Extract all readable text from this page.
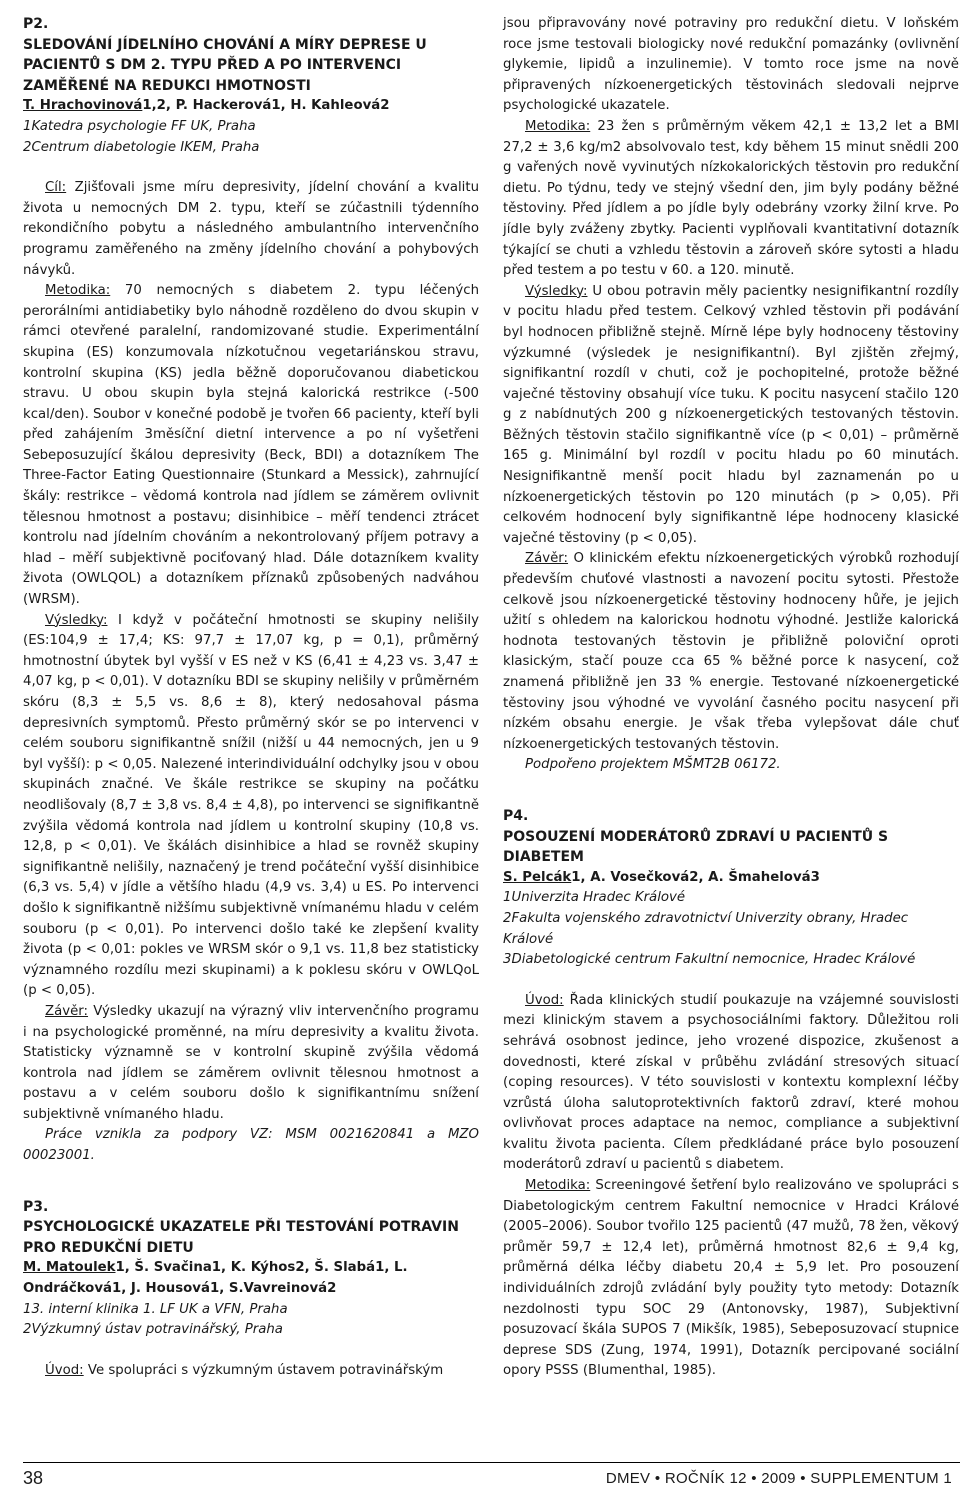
P2.
SLEDOVÁNÍ JÍDELNÍHO CHOVÁNÍ A MÍRY DEPRESE U PACIENTŮ S DM 2. TYPU PŘED A PO INTERVENCI ZAMĚŘENÉ NA REDUKCI HMOTNOSTI
T. Hrachovinová1,2, P. Hackerová1, H. Kahleová2
1Katedra psychologie FF UK, Praha
2Centrum diabetologie IKEM, Praha

Cíl: Zjišťovali jsme míru depresivity, jídelní chování a kvalitu života u nemocných DM 2. typu, kteří se zúčastnili týdenního rekondičního pobytu a následného ambulantního intervenčního programu zaměřeného na změny jídelního chování a pohybových návyků.

Metodika: 70 nemocných s diabetem 2. typu léčených perorálními antidiabetiky bylo náhodně rozděleno do dvou skupin v rámci otevřené paralelní, randomizované studie. Experimentální skupina (ES) konzumovala nízkotučnou vegetariánskou stravu, kontrolní skupina (KS) jedla běžně doporučovanou diabetickou stravu. U obou skupin byla stejná kalorická restrikce (-500 kcal/den). Soubor v konečné podobě je tvořen 66 pacienty, kteří byli před zahájením 3měsíční dietní intervence a po ní vyšetřeni Sebeposuzující škálou depresivity (Beck, BDI) a dotazníkem The Three-Factor Eating Questionnaire (Stunkard a Messick), zahrnující škály: restrikce – vědomá kontrola nad jídlem se záměrem ovlivnit tělesnou hmotnost a postavu; disinhibice – měří tendenci ztrácet kontrolu nad jídelním chováním a nekontrolovaný příjem potravy a hlad – měří subjektivně pociťovaný hlad. Dále dotazníkem kvality života (OWLQOL) a dotazníkem příznaků způsobených nadváhou (WRSM).

Výsledky: I když v počáteční hmotnosti se skupiny nelišily (ES:104,9 ± 17,4; KS: 97,7 ± 17,07 kg, p = 0,1), průměrný hmotnostní úbytek byl vyšší v ES než v KS (6,41 ± 4,23 vs. 3,47 ± 4,07 kg, p < 0,01). V dotazníku BDI se skupiny nelišily v průměrném skóru (8,3 ± 5,5 vs. 8,6 ± 8), který nedosahoval pásma depresivních symptomů. Přesto průměrný skór se po intervenci v celém souboru signifikantně snížil (nižší u 44 nemocných, jen u 9 byl vyšší): p < 0,05. Nalezené interindividuální odchylky jsou v obou skupinách značné. Ve škále restrikce se skupiny na počátku neodlišovaly (8,7 ± 3,8 vs. 8,4 ± 4,8), po intervenci se signifikantně zvýšila vědomá kontrola nad jídlem u kontrolní skupiny (10,8 vs. 12,8, p < 0,01). Ve škálách disinhibice a hlad se rovněž skupiny signifikantně nelišily, naznačený je trend počáteční vyšší disinhibice (6,3 vs. 5,4) v jídle a většího hladu (4,9 vs. 3,4) u ES. Po intervenci došlo k signifikantně nižšímu subjektivně vnímanému hladu v celém souboru (p < 0,01). Po intervenci došlo také ke zlepšení kvality života (p < 0,01: pokles ve WRSM skór o 9,1 vs. 11,8 bez statisticky významného rozdílu mezi skupinami) a k poklesu skóru v OWLQoL (p < 0,05).

Závěr: Výsledky ukazují na výrazný vliv intervenčního programu i na psychologické proměnné, na míru depresivity a kvalitu života. Statisticky významně se v kontrolní skupině zvýšila vědomá kontrola nad jídlem se záměrem ovlivnit tělesnou hmotnost a postavu a v celém souboru došlo k signifikantnímu snížení subjektivně vnímaného hladu.

Práce vznikla za podpory VZ: MSM 0021620841 a MZO 00023001.

P3.
PSYCHOLOGICKÉ UKAZATELE PŘI TESTOVÁNÍ POTRAVIN PRO REDUKČNÍ DIETU
M. Matoulek1, Š. Svačina1, K. Kýhos2, Š. Slabá1, L. Ondráčková1, J. Housová1, S.Vavreinová2
13. interní klinika 1. LF UK a VFN, Praha
2Výzkumný ústav potravinářský, Praha

Úvod: Ve spolupráci s výzkumným ústavem potravinářským

jsou připravovány nové potraviny pro redukční dietu. V loňském roce jsme testovali biologicky nové redukční pomazánky (ovlivnění glykemie, lipidů a inzulinemie). V tomto roce jsme na nově připravených nízkoenergetických těstovinách sledovali nejprve psychologické ukazatele.

Metodika: 23 žen s průměrným věkem 42,1 ± 13,2 let a BMI 27,2 ± 3,6 kg/m2 absolvovalo test, kdy během 15 minut snědli 200 g vařených nově vyvinutých nízkokalorických těstovin pro redukční dietu. Po týdnu, tedy ve stejný všední den, jim byly podány běžné těstoviny. Před jídlem a po jídle byly odebrány vzorky žilní krve. Po jídle byly zváženy zbytky. Pacienti vyplňovali kvantitativní dotazník týkající se chuti a vzhledu těstovin a zároveň skóre sytosti a hladu před testem a po testu v 60. a 120. minutě.

Výsledky: U obou potravin měly pacientky nesignifikantní rozdíly v pocitu hladu před testem. Celkový vzhled těstovin při podávání byl hodnocen přibližně stejně. Mírně lépe byly hodnoceny těstoviny výzkumné (výsledek je nesignifikantní). Byl zjištěn zřejmý, signifikantní rozdíl v chuti, což je pochopitelné, protože běžné vaječné těstoviny obsahují více tuku. K pocitu nasycení stačilo 120 g z nabídnutých 200 g nízkoenergetických testovaných těstovin. Běžných těstovin stačilo signifikantně více (p < 0,01) – průměrně 165 g. Minimální byl rozdíl v pocitu hladu po 60 minutách. Nesignifikantně menší pocit hladu byl zaznamenán po u nízkoenergetických těstovin po 120 minutách (p > 0,05). Při celkovém hodnocení byly signifikantně lépe hodnoceny klasické vaječné těstoviny (p < 0,05).

Závěr: O klinickém efektu nízkoenergetických výrobků rozhodují především chuťové vlastnosti a navození pocitu sytosti. Přestože celkově jsou nízkoenergetické těstoviny hodnoceny hůře, je jejich užití s ohledem na kalorickou hodnotu výhodné. Jestliže kalorická hodnota testovaných těstovin je přibližně poloviční oproti klasickým, stačí pouze cca 65 % běžné porce k nasycení, což znamená přibližně jen 33 % energie. Testované nízkoenergetické těstoviny jsou výhodné ve vyvolání časného pocitu nasycení při nízkém obsahu energie. Je však třeba vylepšovat dále chuť nízkoenergetických testovaných těstovin.

Podpořeno projektem MŠMT2B 06172.

P4.
POSOUZENÍ MODERÁTORŮ ZDRAVÍ U PACIENTŮ S DIABETEM
S. Pelcák1, A. Vosečková2, A. Šmahelová3
1Univerzita Hradec Králové
2Fakulta vojenského zdravotnictví Univerzity obrany, Hradec Králové
3Diabetologické centrum Fakultní nemocnice, Hradec Králové

Úvod: Řada klinických studií poukazuje na vzájemné souvislosti mezi klinickým stavem a psychosociálními faktory. Důležitou roli sehrává osobnost jedince, jeho vrozené dispozice, zkušenost a dovednosti, které získal v průběhu zvládání stresových situací (coping resources). V této souvislosti v kontextu komplexní léčby vzrůstá úloha salutoprotektivních faktorů zdraví, které mohou ovlivňovat proces adaptace na nemoc, compliance a subjektivní kvalitu života pacienta. Cílem předkládané práce bylo posouzení moderátorů zdraví u pacientů s diabetem.

Metodika: Screeningové šetření bylo realizováno ve spolupráci s Diabetologickým centrem Fakultní nemocnice v Hradci Králové (2005–2006). Soubor tvořilo 125 pacientů (47 mužů, 78 žen, věkový průměr 59,7 ± 12,4 let), průměrná hmotnost 82,6 ± 9,4 kg, průměrná délka léčby diabetu 20,4 ± 5,9 let. Pro posouzení individuálních zdrojů zvládání byly použity tyto metody: Dotazník nezdolnosti typu SOC 29 (Antonovsky, 1987), Subjektivní posuzovací škála SUPOS 7 (Mikšík, 1985), Sebeposuzovací stupnice deprese SDS (Zung, 1974, 1991), Dotazník percipované sociální opory PSSS (Blumenthal, 1985).

38	DMEV • ROČNÍK 12 • 2009 • SUPPLEMENTUM 1
